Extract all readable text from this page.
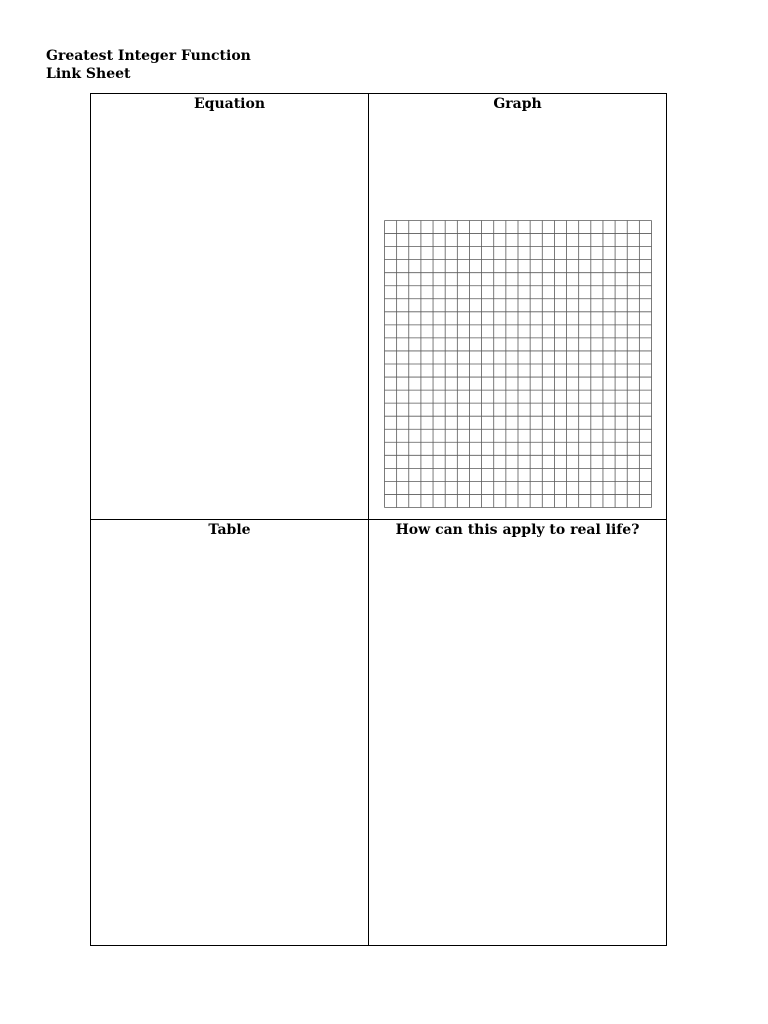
Greatest Integer Function
Link Sheet
Equation	Graph
Table	How can this apply to real life?
